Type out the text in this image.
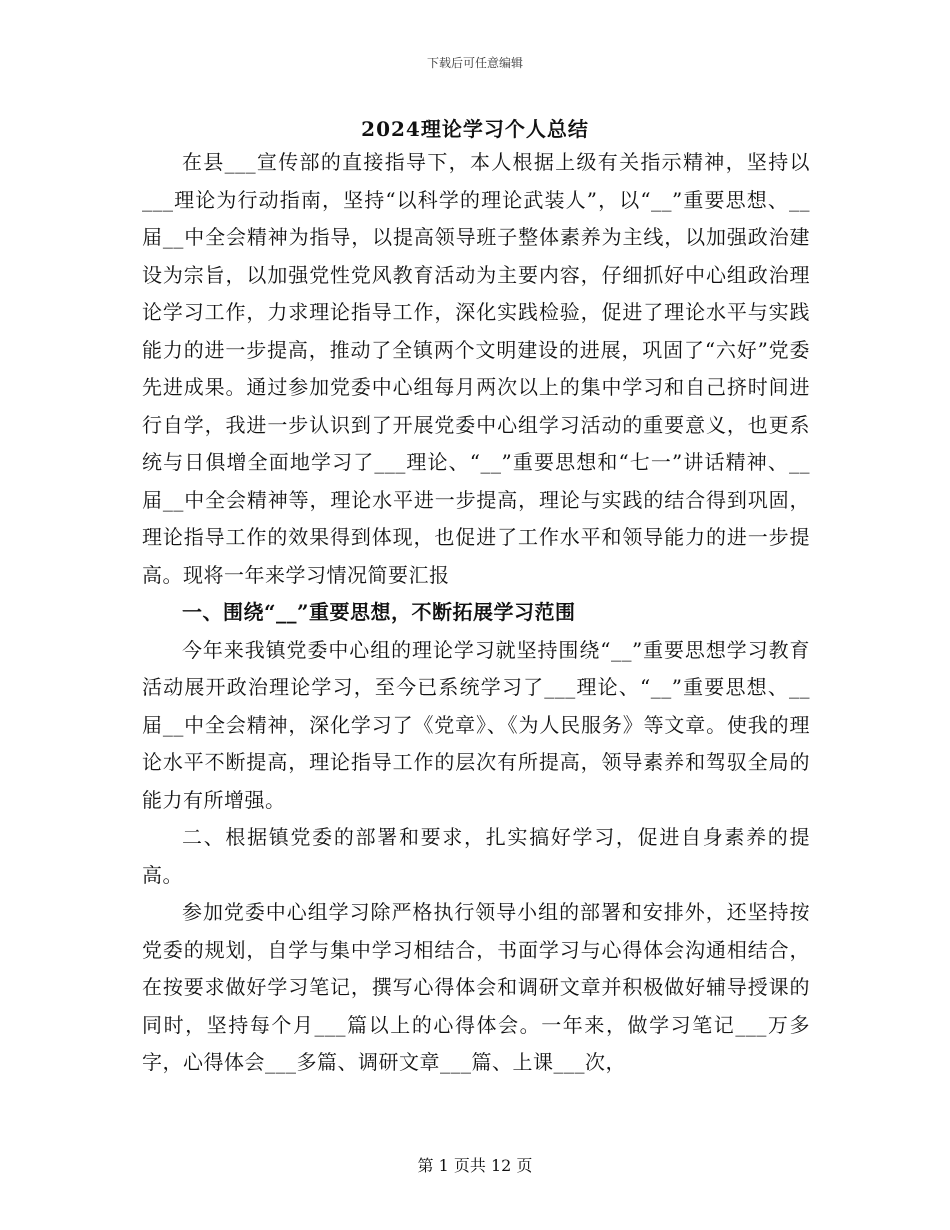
下载后可任意编辑
2024理论学习个人总结

在县___宣传部的直接指导下，本人根据上级有关指示精神，坚持以___理论为行动指南，坚持“以科学的理论武装人”，以“__”重要思想、__届__中全会精神为指导，以提高领导班子整体素养为主线，以加强政治建设为宗旨，以加强党性党风教育活动为主要内容，仔细抓好中心组政治理论学习工作，力求理论指导工作，深化实践检验，促进了理论水平与实践能力的进一步提高，推动了全镇两个文明建设的进展，巩固了“六好”党委先进成果。通过参加党委中心组每月两次以上的集中学习和自己挤时间进行自学，我进一步认识到了开展党委中心组学习活动的重要意义，也更系统与日俱增全面地学习了___理论、“__”重要思想和“七一”讲话精神、__届__中全会精神等，理论水平进一步提高，理论与实践的结合得到巩固，理论指导工作的效果得到体现，也促进了工作水平和领导能力的进一步提高。现将一年来学习情况简要汇报

一、围绕“__”重要思想，不断拓展学习范围

今年来我镇党委中心组的理论学习就坚持围绕“__”重要思想学习教育活动展开政治理论学习，至今已系统学习了___理论、“__”重要思想、__届__中全会精神，深化学习了《党章》、《为人民服务》等文章。使我的理论水平不断提高，理论指导工作的层次有所提高，领导素养和驾驭全局的能力有所增强。

二、根据镇党委的部署和要求，扎实搞好学习，促进自身素养的提高。

参加党委中心组学习除严格执行领导小组的部署和安排外，还坚持按党委的规划，自学与集中学习相结合，书面学习与心得体会沟通相结合，在按要求做好学习笔记，撰写心得体会和调研文章并积极做好辅导授课的同时，坚持每个月___篇以上的心得体会。一年来，做学习笔记___万多字，心得体会___多篇、调研文章___篇、上课___次，

第 1 页共 12 页
